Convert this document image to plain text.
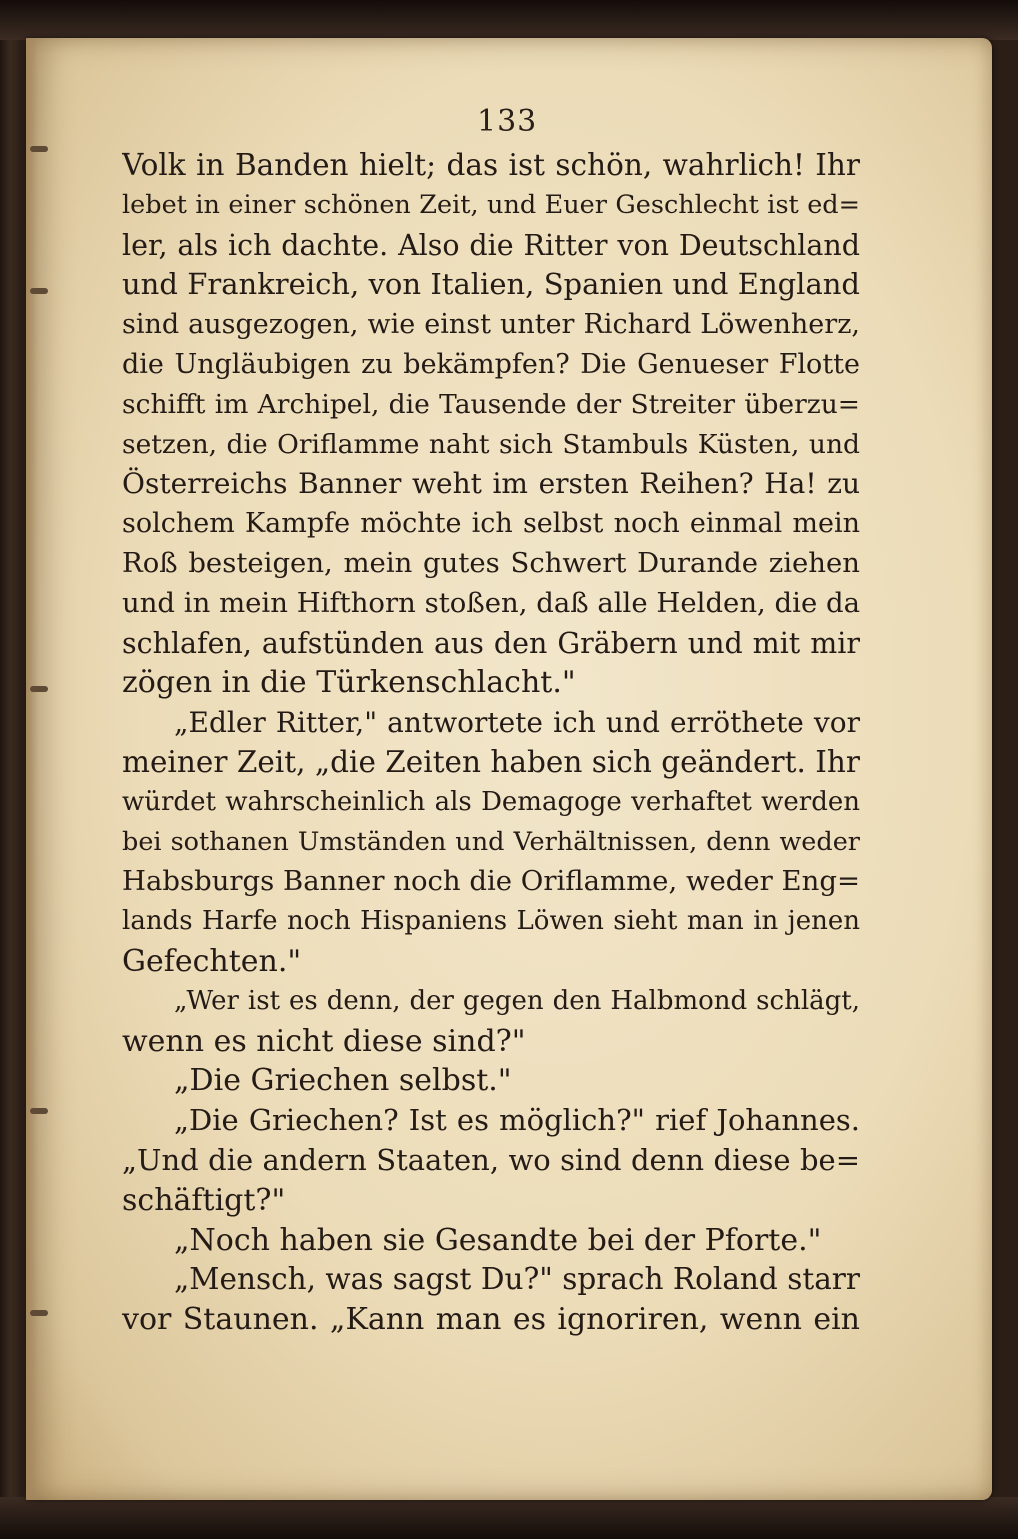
133

Volk in Banden hielt; das ist schön, wahrlich! Ihr

lebet in einer schönen Zeit, und Euer Geschlecht ist ed=

ler, als ich dachte. Also die Ritter von Deutschland

und Frankreich, von Italien, Spanien und England

sind ausgezogen, wie einst unter Richard Löwenherz,

die Ungläubigen zu bekämpfen? Die Genueser Flotte

schifft im Archipel, die Tausende der Streiter überzu=

setzen, die Oriflamme naht sich Stambuls Küsten, und

Österreichs Banner weht im ersten Reihen? Ha! zu

solchem Kampfe möchte ich selbst noch einmal mein

Roß besteigen, mein gutes Schwert Durande ziehen

und in mein Hifthorn stoßen, daß alle Helden, die da

schlafen, aufstünden aus den Gräbern und mit mir

zögen in die Türkenschlacht."

„Edler Ritter," antwortete ich und erröthete vor

meiner Zeit, „die Zeiten haben sich geändert. Ihr

würdet wahrscheinlich als Demagoge verhaftet werden

bei sothanen Umständen und Verhältnissen, denn weder

Habsburgs Banner noch die Oriflamme, weder Eng=

lands Harfe noch Hispaniens Löwen sieht man in jenen

Gefechten."

„Wer ist es denn, der gegen den Halbmond schlägt,

wenn es nicht diese sind?"

„Die Griechen selbst."

„Die Griechen? Ist es möglich?" rief Johannes.

„Und die andern Staaten, wo sind denn diese be=

schäftigt?"

„Noch haben sie Gesandte bei der Pforte."

„Mensch, was sagst Du?" sprach Roland starr

vor Staunen. „Kann man es ignoriren, wenn ein
